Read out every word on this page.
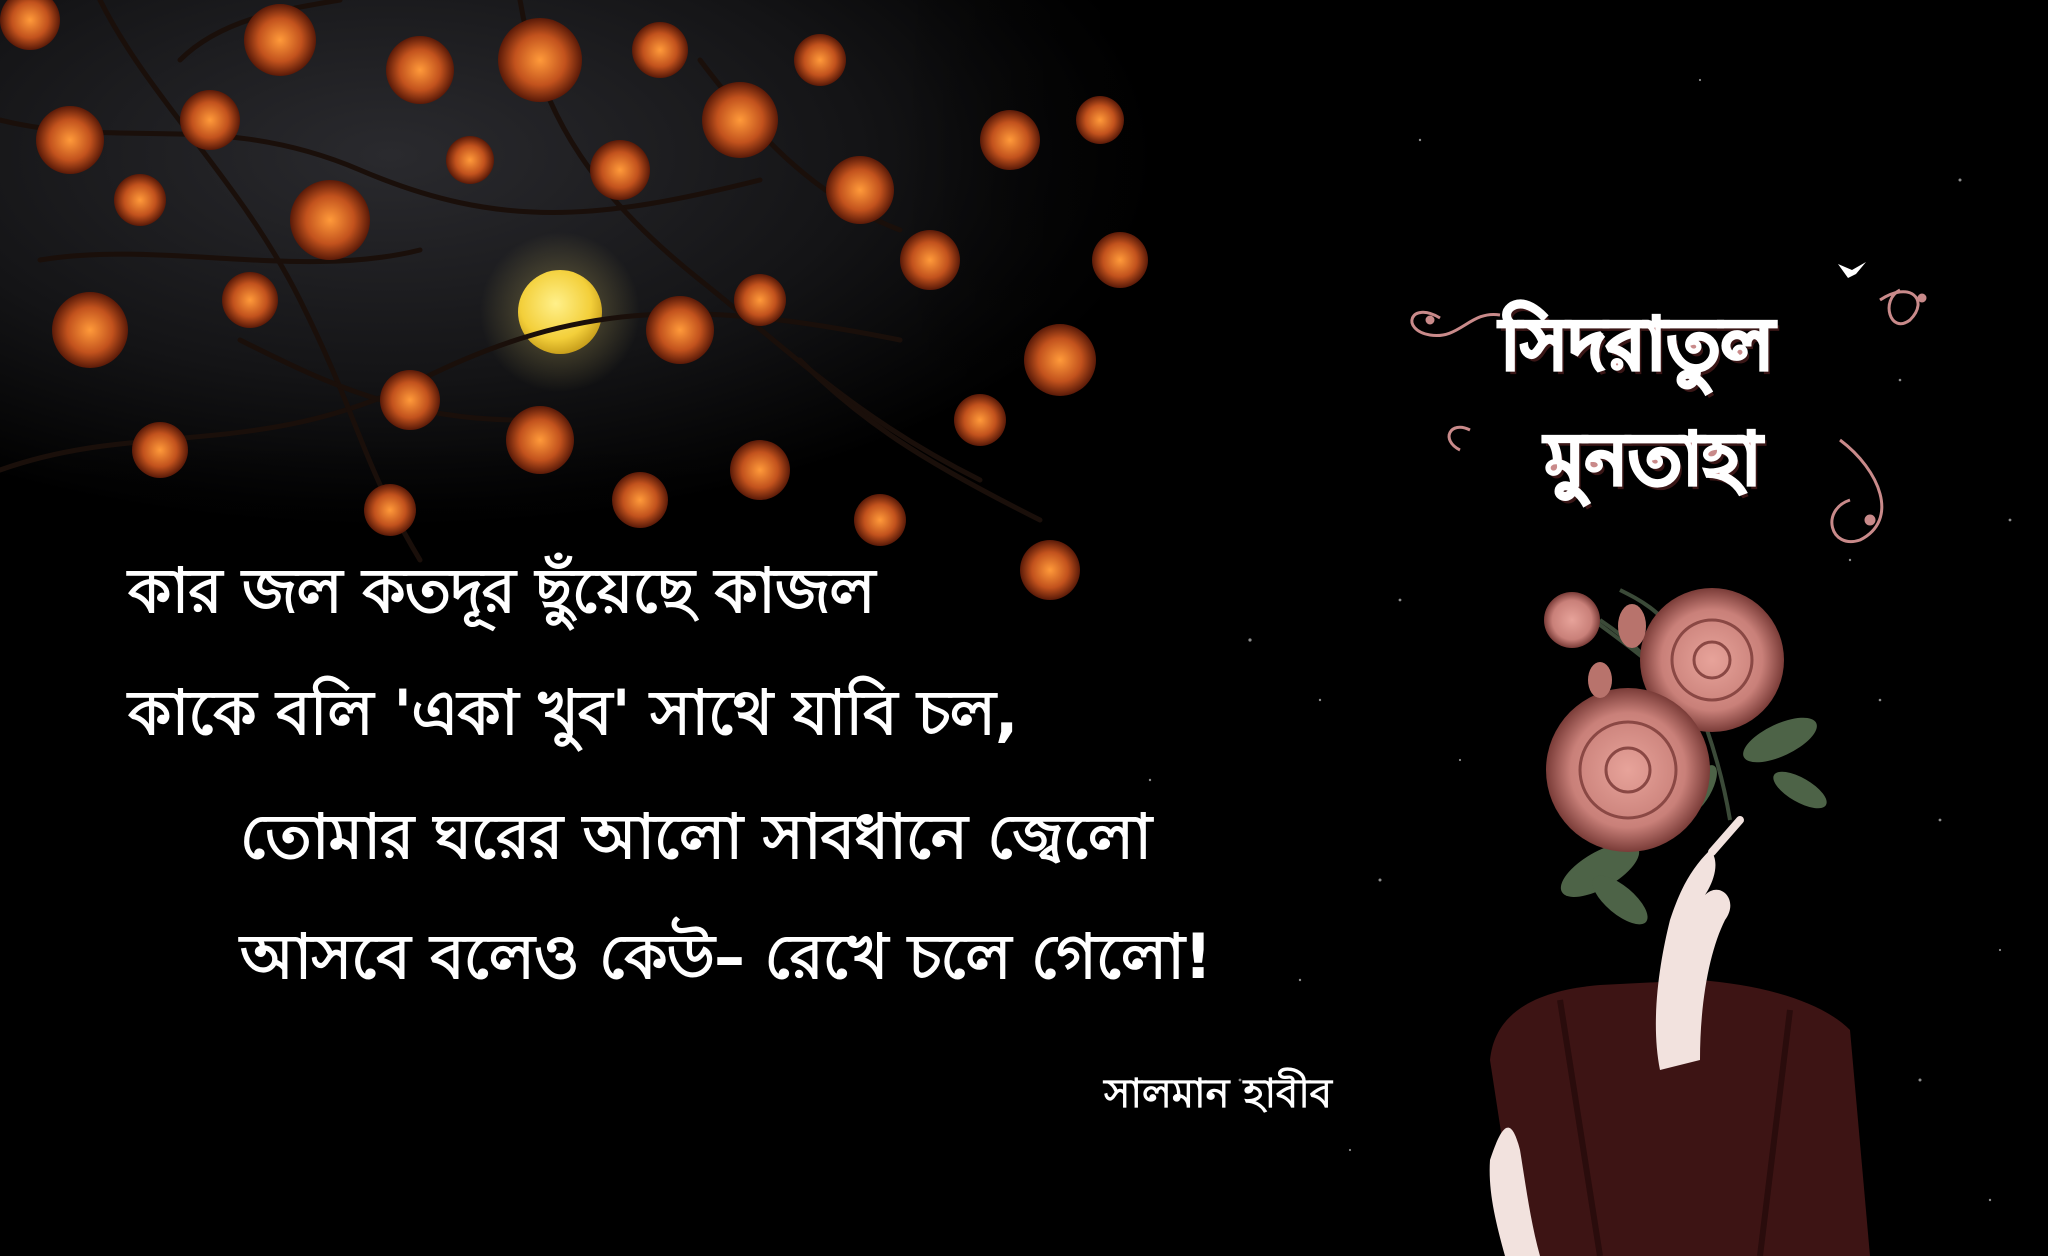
সিদরাতুল
মুনতাহা
কার জল কতদূর ছুঁয়েছে কাজল
কাকে বলি 'একা খুব' সাথে যাবি চল,
তোমার ঘরের আলো সাবধানে জ্বেলো
আসবে বলেও কেউ– রেখে চলে গেলো!
সালমান হাবীব
